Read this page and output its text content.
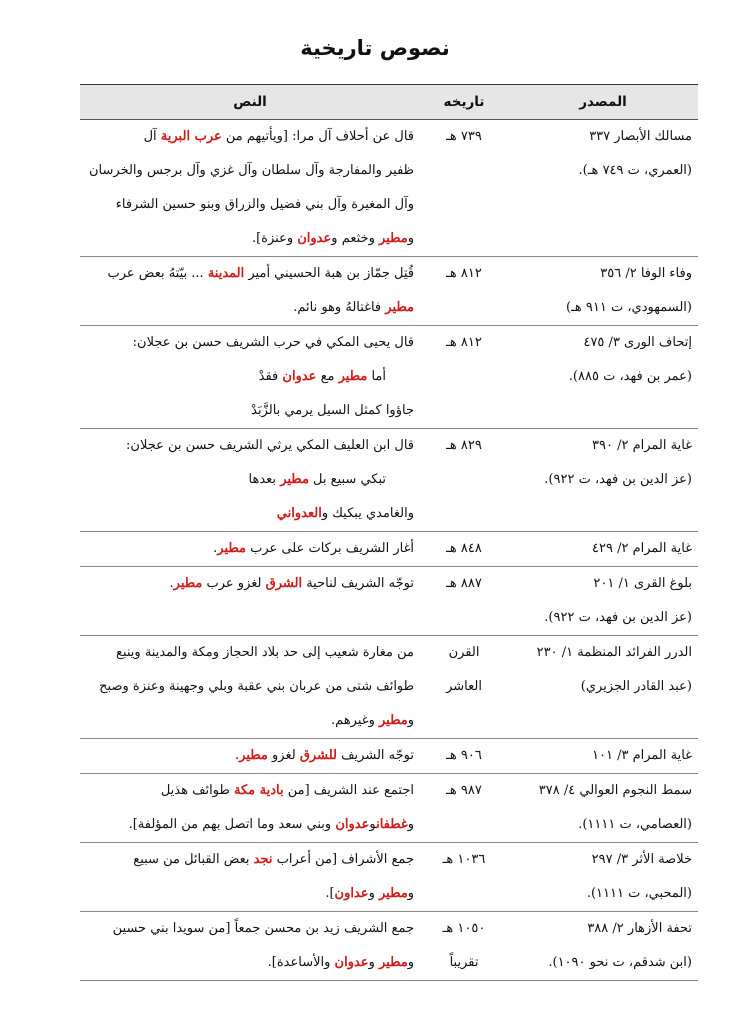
نصوص تاريخية
المصدر	تاريخه	النص

مسالك الأبصار ٣٣٧
(العمري، ت ٧٤٩ هـ).	٧٣٩ هـ	قال عن أحلاف آل مرا: [ويأتيهم من عرب البرية آل
ظفير والمفارجة وآل سلطان وآل غزي وآل برجس والخرسان
وآل المغيرة وآل بني فضيل والزراق وبنو حسين الشرفاء
ومطير وخثعم وعدوان وعنزة].

وفاء الوفا ٢/ ٣٥٦
(السمهودي، ت ٩١١ هـ)	٨١٢ هـ	قُتِل جمّاز بن هبة الحسيني أمير المدينة ... بيّتهُ بعض عرب
مطير فاغتالهُ وهو نائم.

إتحاف الورى ٣/ ٤٧٥
(عمر بن فهد، ت ٨٨٥).	٨١٢ هـ	قال يحيى المكي في حرب الشريف حسن بن عجلان:
أما مطير مع عدوان فقدْ
جاؤوا كمثل السيل يرمي بالزَّبَدْ

غاية المرام ٢/ ٣٩٠
(عز الدين بن فهد، ت ٩٢٢).	٨٢٩ هـ	قال ابن العليف المكي يرثي الشريف حسن بن عجلان:
تبكي سبيع بل مطير بعدها
والغامدي يبكيك والعدواني

غاية المرام ٢/ ٤٢٩	٨٤٨ هـ	أغار الشريف بركات على عرب مطير.

بلوغ القرى ١/ ٢٠١
(عز الدين بن فهد، ت ٩٢٢).	٨٨٧ هـ	توجّه الشريف لناحية الشرق لغزو عرب مطير.

الدرر الفرائد المنظمة ١/ ٢٣٠
(عبد القادر الجزيري)	القرن
العاشر	من مغارة شعيب إلى حد بلاد الحجاز ومكة والمدينة وينبع
طوائف شتى من عربان بني عقبة وبلي وجهينة وعنزة وصبح
ومطير وغيرهم.

غاية المرام ٣/ ١٠١	٩٠٦ هـ	توجّه الشريف للشرق لغزو مطير.

سمط النجوم العوالي ٤/ ٣٧٨
(العصامي، ت ١١١١).	٩٨٧ هـ	اجتمع عند الشريف [من بادية مكة طوائف هذيل
وغطفانوعدوان وبني سعد وما اتصل بهم من المؤلفة].

خلاصة الأثر ٣/ ٢٩٧
(المحبي، ت ١١١١).	١٠٣٦ هـ	جمع الأشراف [من أعراب نجد بعض القبائل من سبيع
ومطير وعداون].

تحفة الأزهار ٢/ ٣٨٨
(ابن شدقم، ت نحو ١٠٩٠).	١٠٥٠ هـ
تقريباً	جمع الشريف زيد بن محسن جمعاً [من سويدا بني حسين
ومطير وعدوان والأساعدة].
